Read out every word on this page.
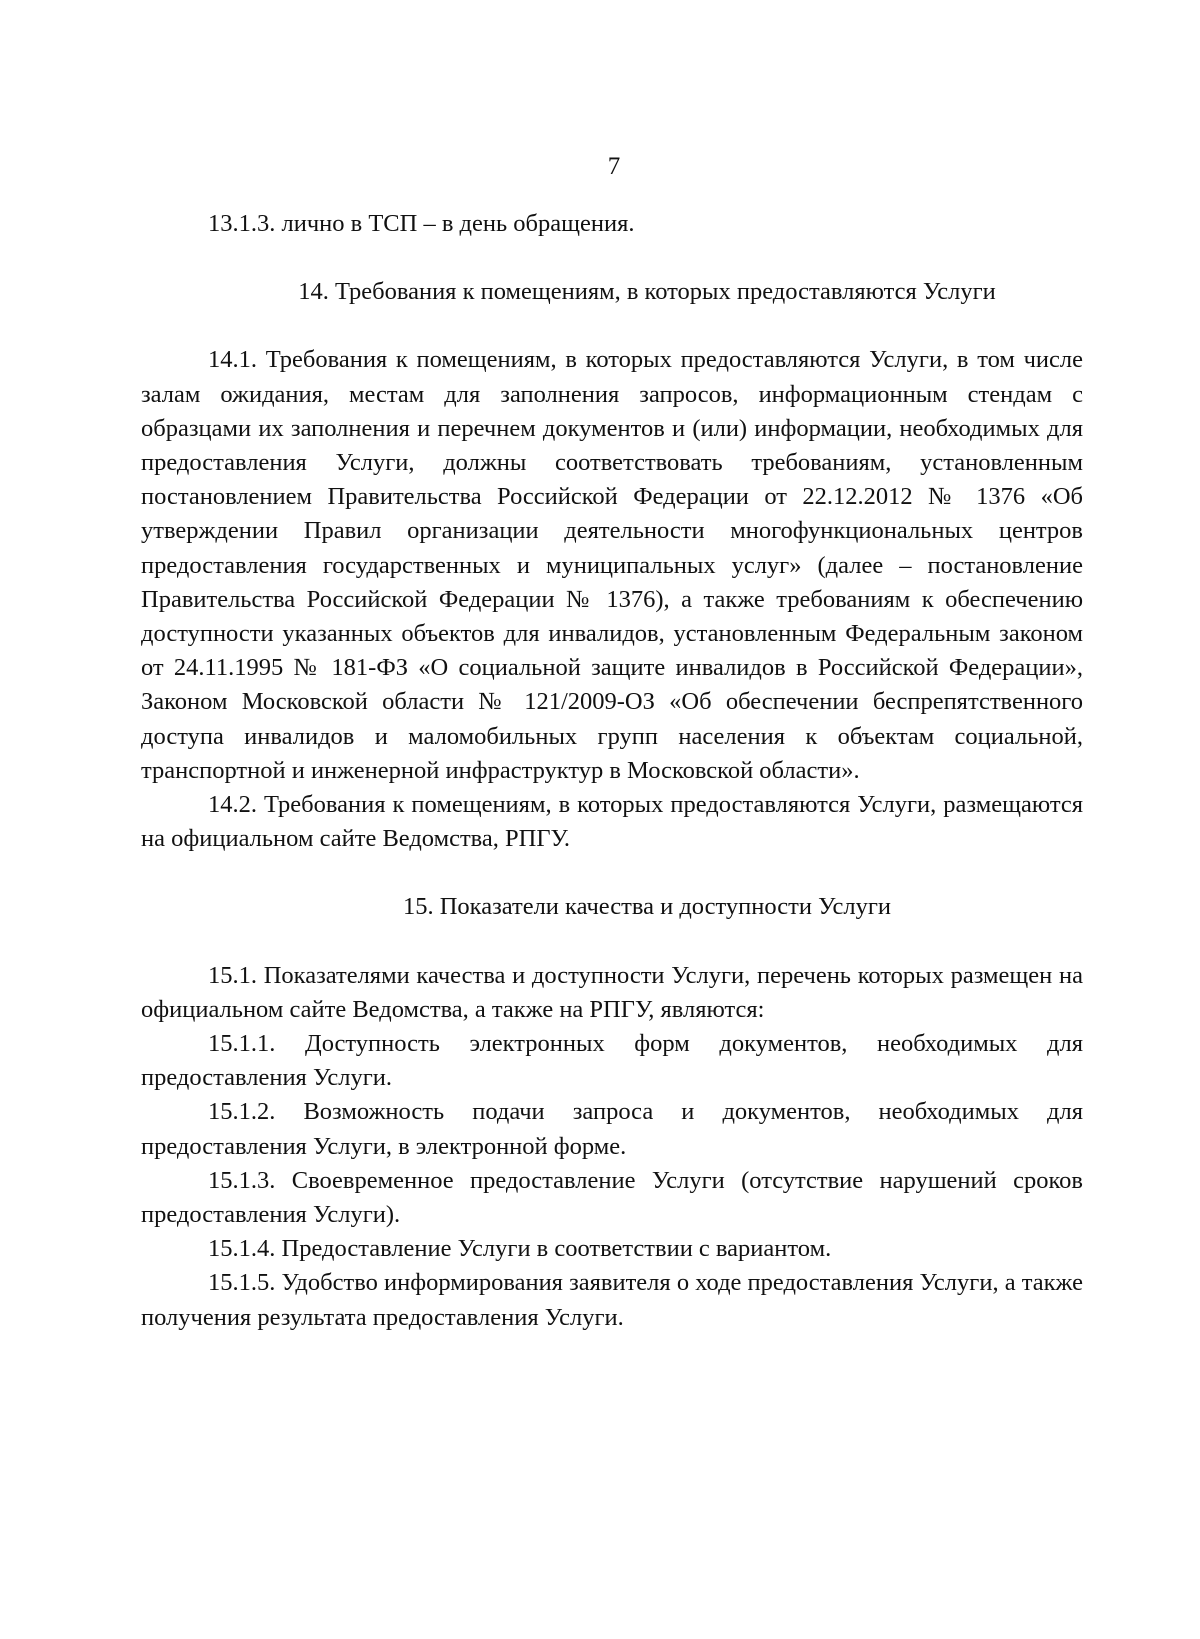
7

13.1.3. лично в ТСП – в день обращения.

14. Требования к помещениям, в которых предоставляются Услуги

14.1. Требования к помещениям, в которых предоставляются Услуги, в том числе залам ожидания, местам для заполнения запросов, информационным стендам с образцами их заполнения и перечнем документов и (или) информации, необходимых для предоставления Услуги, должны соответствовать требованиям, установленным постановлением Правительства Российской Федерации от 22.12.2012 № 1376 «Об утверждении Правил организации деятельности многофункциональных центров предоставления государственных и муниципальных услуг» (далее – постановление Правительства Российской Федерации № 1376), а также требованиям к обеспечению доступности указанных объектов для инвалидов, установленным Федеральным законом от 24.11.1995 № 181-ФЗ «О социальной защите инвалидов в Российской Федерации», Законом Московской области № 121/2009-ОЗ «Об обеспечении беспрепятственного доступа инвалидов и маломобильных групп населения к объектам социальной, транспортной и инженерной инфраструктур в Московской области».

14.2. Требования к помещениям, в которых предоставляются Услуги, размещаются на официальном сайте Ведомства, РПГУ.

15. Показатели качества и доступности Услуги

15.1. Показателями качества и доступности Услуги, перечень которых размещен на официальном сайте Ведомства, а также на РПГУ, являются:

15.1.1. Доступность электронных форм документов, необходимых для предоставления Услуги.

15.1.2. Возможность подачи запроса и документов, необходимых для предоставления Услуги, в электронной форме.

15.1.3. Своевременное предоставление Услуги (отсутствие нарушений сроков предоставления Услуги).

15.1.4. Предоставление Услуги в соответствии с вариантом.

15.1.5. Удобство информирования заявителя о ходе предоставления Услуги, а также получения результата предоставления Услуги.
